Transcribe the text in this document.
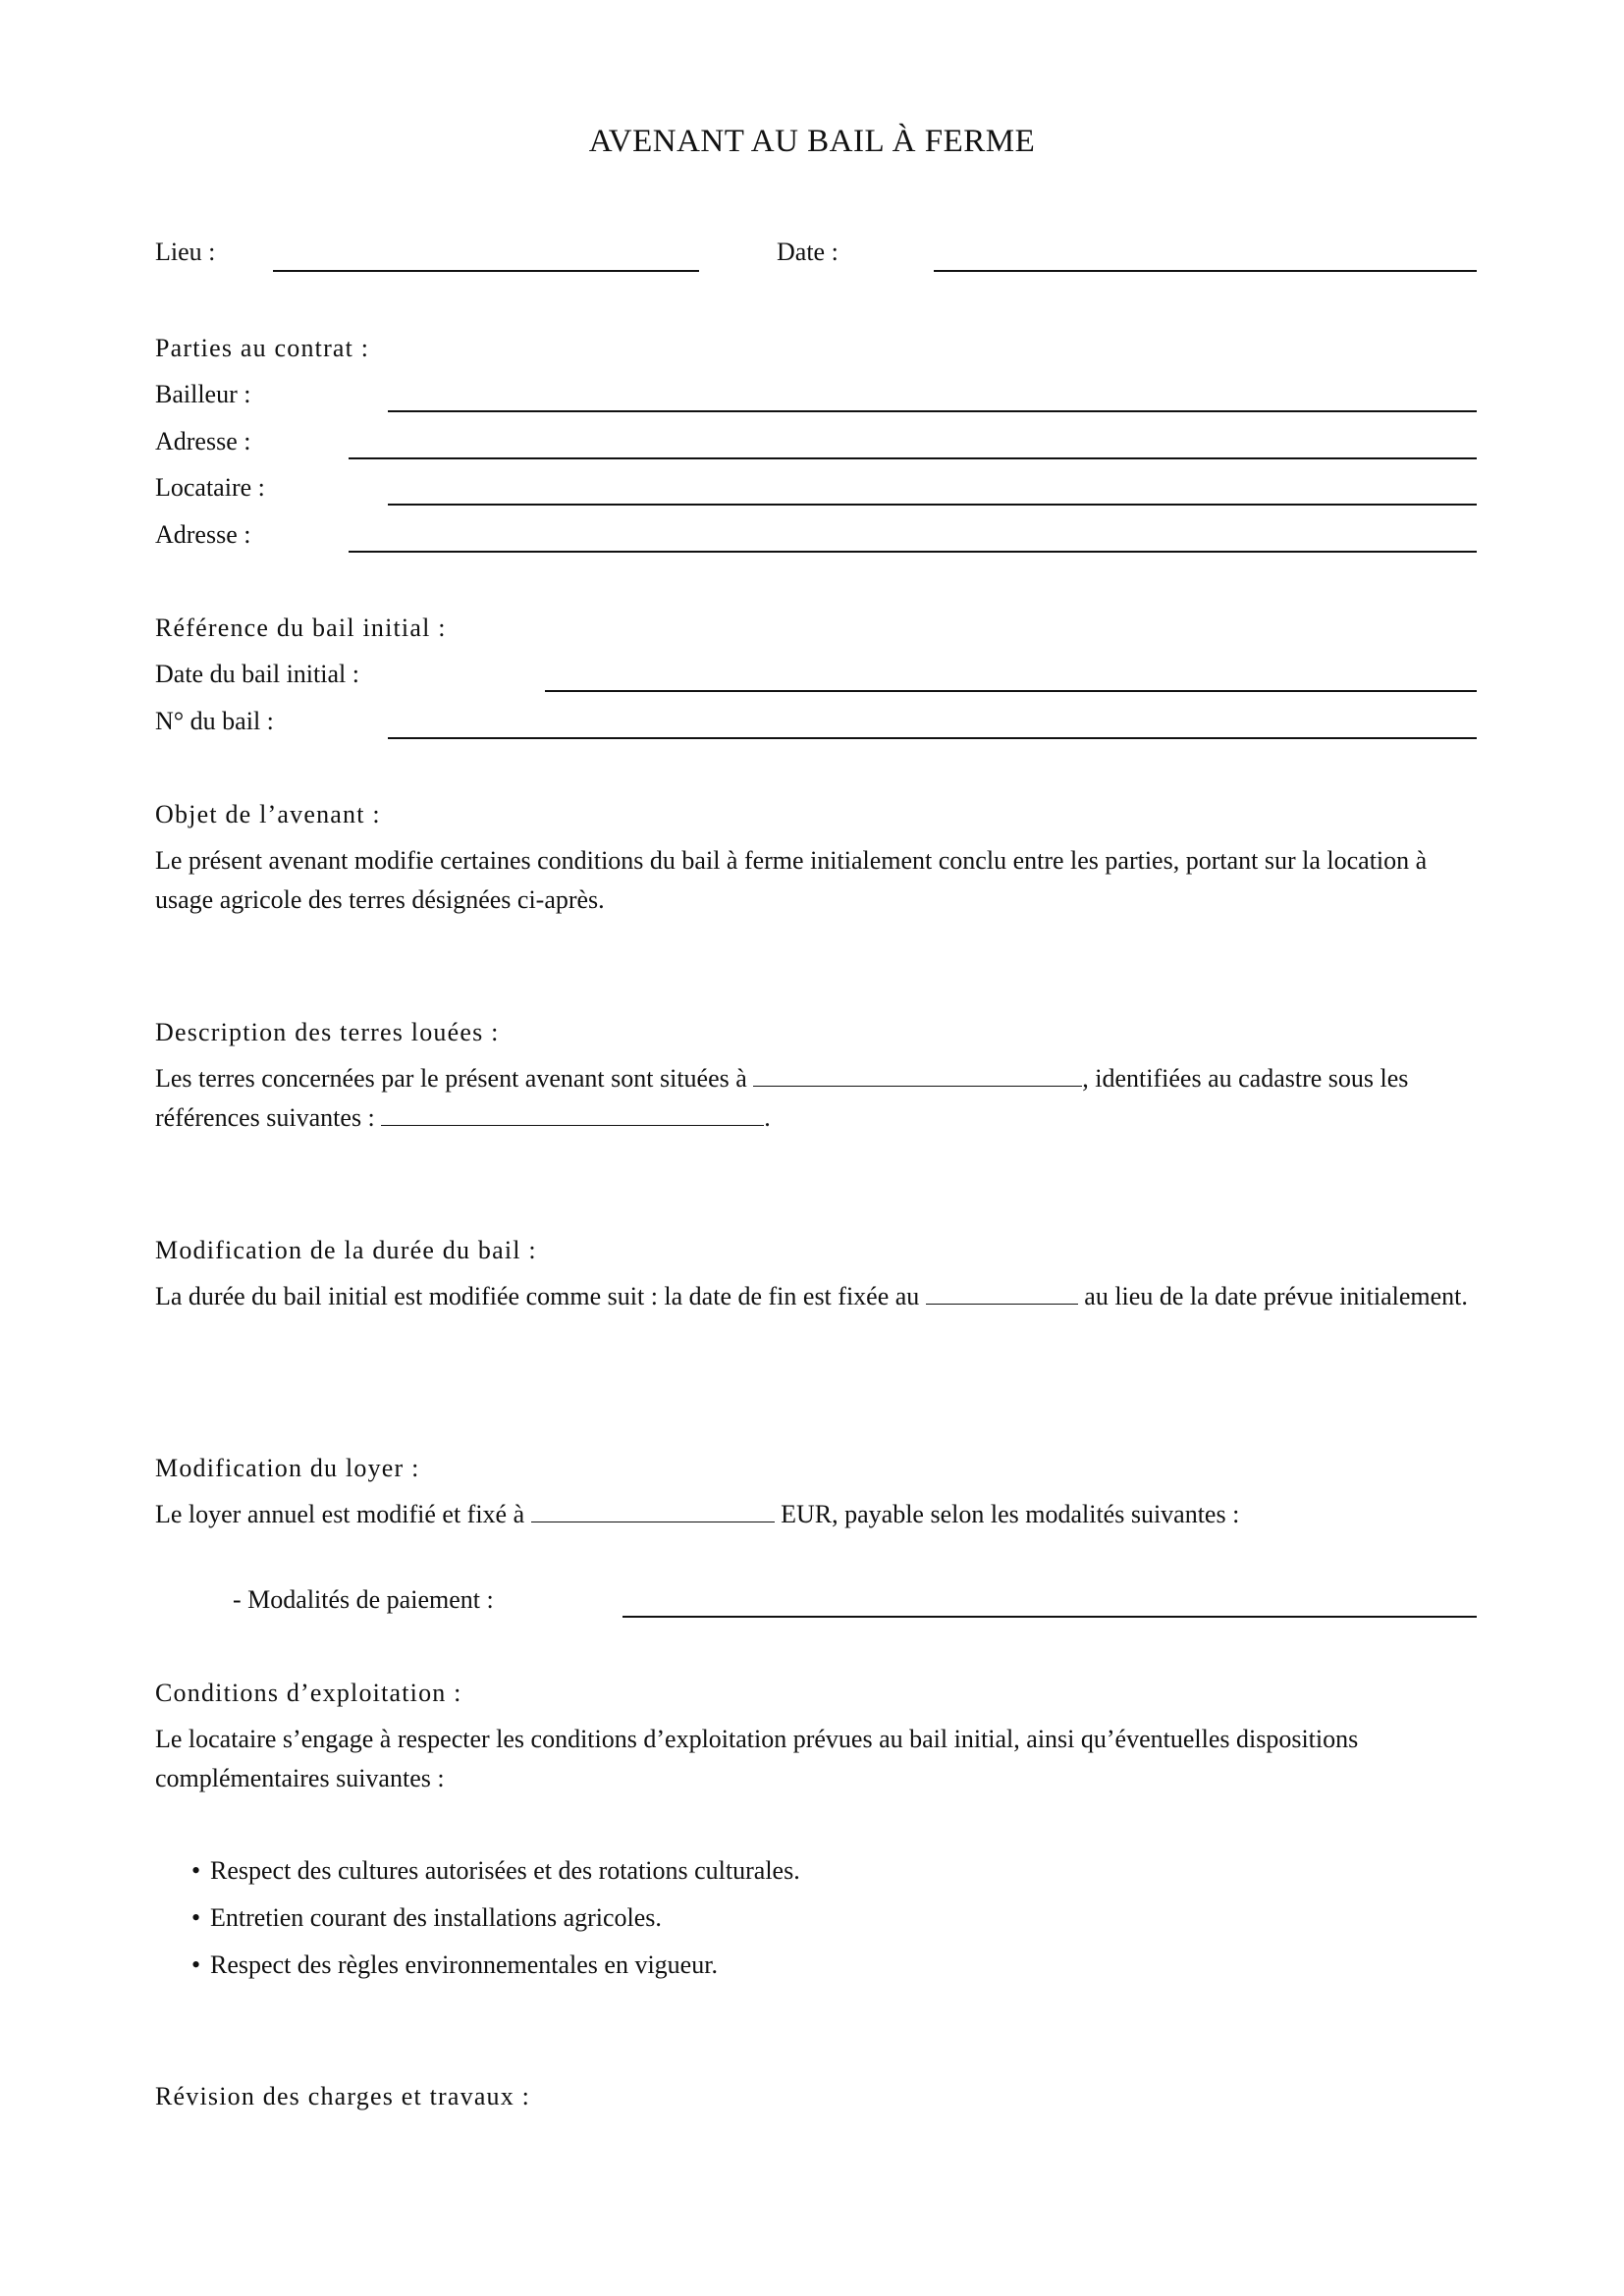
AVENANT AU BAIL À FERME
Lieu :	Date :
Parties au contrat :
Bailleur :
Adresse :
Locataire :
Adresse :
Référence du bail initial :
Date du bail initial :
N° du bail :
Objet de l’avenant :
Le présent avenant modifie certaines conditions du bail à ferme initialement conclu entre les parties, portant sur la location à usage agricole des terres désignées ci-après.
Description des terres louées :
Les terres concernées par le présent avenant sont situées à	, identifiées au cadastre sous les références suivantes :	.
Modification de la durée du bail :
La durée du bail initial est modifiée comme suit : la date de fin est fixée au	au lieu de la date prévue initialement.
Modification du loyer :
Le loyer annuel est modifié et fixé à	EUR, payable selon les modalités suivantes :
- Modalités de paiement :
Conditions d’exploitation :
Le locataire s’engage à respecter les conditions d’exploitation prévues au bail initial, ainsi qu’éventuelles dispositions complémentaires suivantes :
• Respect des cultures autorisées et des rotations culturales.
• Entretien courant des installations agricoles.
• Respect des règles environnementales en vigueur.
Révision des charges et travaux :
